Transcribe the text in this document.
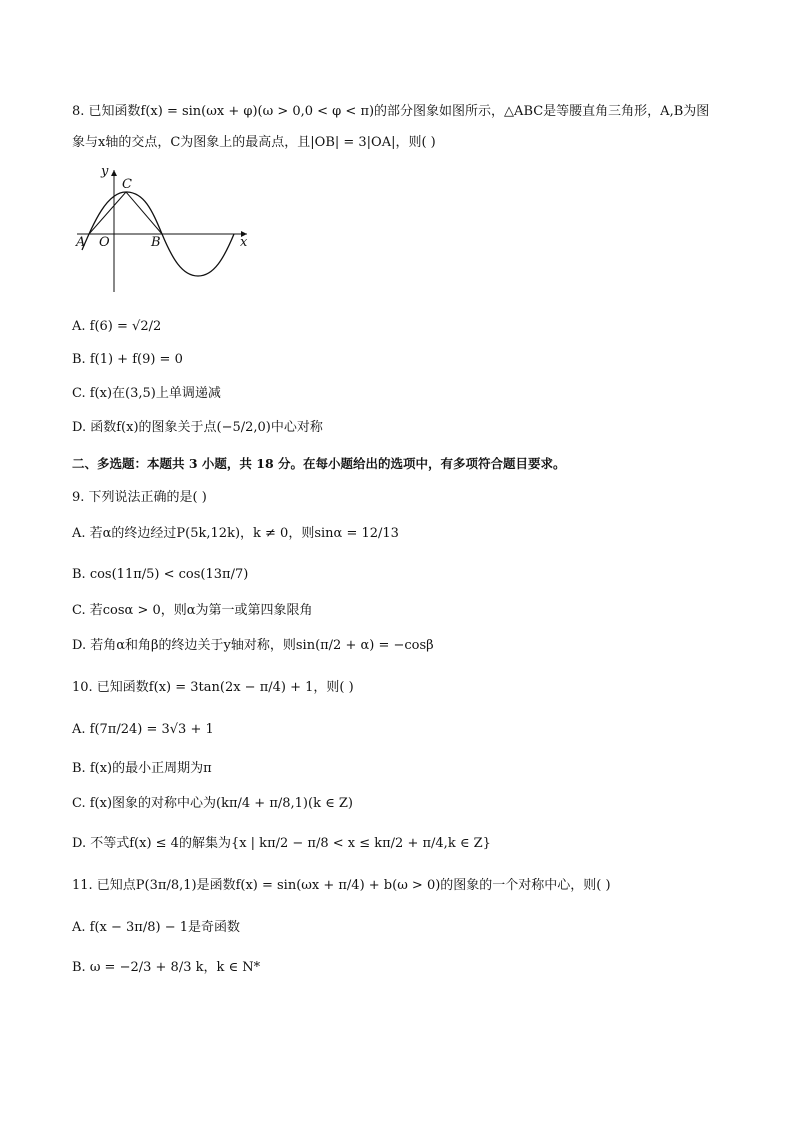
8. 已知函数f(x) = sin(ωx + φ)(ω > 0,0 < φ < π)的部分图象如图所示，△ABC是等腰直角三角形，A,B为图
象与x轴的交点，C为图象上的最高点，且|OB| = 3|OA|，则( )
y
C
A O	B	x
A. f(6) = √2/2
B. f(1) + f(9) = 0
C. f(x)在(3,5)上单调递减
D. 函数f(x)的图象关于点(−5/2,0)中心对称
二、多选题：本题共 3 小题，共 18 分。在每小题给出的选项中，有多项符合题目要求。
9. 下列说法正确的是( )
A. 若α的终边经过P(5k,12k)，k ≠ 0，则sinα = 12/13
B. cos(11π/5) < cos(13π/7)
C. 若cosα > 0，则α为第一或第四象限角
D. 若角α和角β的终边关于y轴对称，则sin(π/2 + α) = −cosβ
10. 已知函数f(x) = 3tan(2x − π/4) + 1，则( )
A. f(7π/24) = 3√3 + 1
B. f(x)的最小正周期为π
C. f(x)图象的对称中心为(kπ/4 + π/8,1)(k ∈ Z)
D. 不等式f(x) ≤ 4的解集为{x | kπ/2 − π/8 < x ≤ kπ/2 + π/4,k ∈ Z}
11. 已知点P(3π/8,1)是函数f(x) = sin(ωx + π/4) + b(ω > 0)的图象的一个对称中心，则( )
A. f(x − 3π/8) − 1是奇函数
B. ω = −2/3 + 8/3 k，k ∈ N*
